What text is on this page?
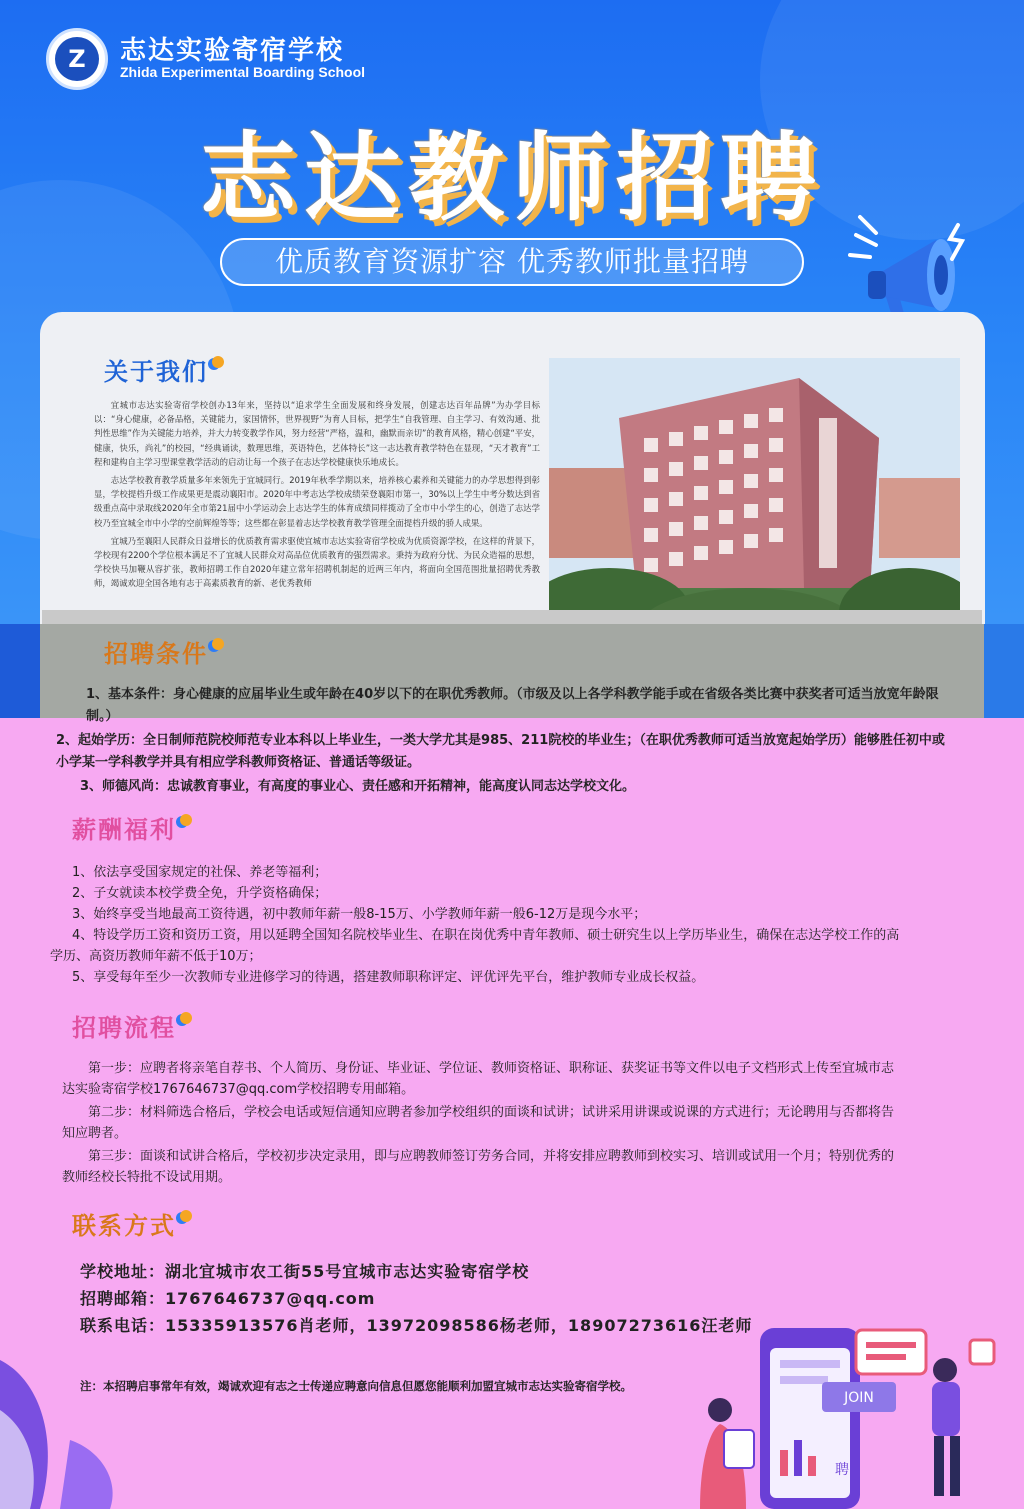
Z	志达实验寄宿学校
Zhida Experimental Boarding School
志达教师招聘
优质教育资源扩容 优秀教师批量招聘
关于我们

宜城市志达实验寄宿学校创办13年来，坚持以“追求学生全面发展和终身发展，创建志达百年品牌”为办学目标以：“身心健康，必备品格，关键能力，家国情怀，世界视野”为育人目标，把学生“自我管理、自主学习、有效沟通、批判性思维”作为关键能力培养，并大力转变教学作风，努力经营“严格，温和，幽默而亲切”的教育风格，精心创建“平安，健康，快乐，尚礼”的校园，“经典诵读，数理思维，英语特色，艺体特长”这一志达教育教学特色在显现，“天才教育”工程和建构自主学习型课堂教学活动的启动让每一个孩子在志达学校健康快乐地成长。

志达学校教育教学质量多年来领先于宜城同行。2019年秋季学期以来，培养核心素养和关键能力的办学思想得到彰显，学校提档升级工作成果更是震动襄阳市。2020年中考志达学校成绩荣登襄阳市第一，30%以上学生中考分数达到省级重点高中录取线2020年全市第21届中小学运动会上志达学生的体育成绩同样揽动了全市中小学生的心，创造了志达学校乃至宜城全市中小学的空前辉煌等等；这些都在彰显着志达学校教育教学管理全面提档升级的骄人成果。

宜城乃至襄阳人民群众日益增长的优质教育需求驱使宜城市志达实验寄宿学校成为优质资源学校，在这样的背景下，学校现有2200个学位根本满足不了宜城人民群众对高品位优质教育的强烈需求。秉持为政府分忧、为民众造福的思想，学校快马加鞭从容扩张，教师招聘工作自2020年建立常年招聘机制起的近两三年内，将面向全国范围批量招聘优秀教师，竭诚欢迎全国各地有志于高素质教育的新、老优秀教师

招聘条件
1、基本条件：身心健康的应届毕业生或年龄在40岁以下的在职优秀教师。（市级及以上各学科教学能手或在省级各类比赛中获奖者可适当放宽年龄限制。）
2、起始学历：全日制师范院校师范专业本科以上毕业生，一类大学尤其是985、211院校的毕业生；（在职优秀教师可适当放宽起始学历）能够胜任初中或小学某一学科教学并具有相应学科教师资格证、普通话等级证。
3、师德风尚：忠诚教育事业，有高度的事业心、责任感和开拓精神，能高度认同志达学校文化。
薪酬福利
1、依法享受国家规定的社保、养老等福利；
2、子女就读本校学费全免，升学资格确保；
3、始终享受当地最高工资待遇，初中教师年薪一般8-15万、小学教师年薪一般6-12万是现今水平；
4、特设学历工资和资历工资，用以延聘全国知名院校毕业生、在职在岗优秀中青年教师、硕士研究生以上学历毕业生，确保在志达学校工作的高学历、高资历教师年薪不低于10万；
5、享受每年至少一次教师专业进修学习的待遇，搭建教师职称评定、评优评先平台，维护教师专业成长权益。
招聘流程
第一步：应聘者将亲笔自荐书、个人简历、身份证、毕业证、学位证、教师资格证、职称证、获奖证书等文件以电子文档形式上传至宜城市志达实验寄宿学校1767646737@qq.com学校招聘专用邮箱。
第二步：材料筛选合格后，学校会电话或短信通知应聘者参加学校组织的面谈和试讲；试讲采用讲课或说课的方式进行；无论聘用与否都将告知应聘者。
第三步：面谈和试讲合格后，学校初步决定录用，即与应聘教师签订劳务合同，并将安排应聘教师到校实习、培训或试用一个月；特别优秀的教师经校长特批不设试用期。
联系方式
学校地址：湖北宜城市农工街55号宜城市志达实验寄宿学校
招聘邮箱：1767646737@qq.com
联系电话：15335913576肖老师，13972098586杨老师，18907273616汪老师
注：本招聘启事常年有效，竭诚欢迎有志之士传递应聘意向信息但愿您能顺利加盟宜城市志达实验寄宿学校。
JOIN
聘
